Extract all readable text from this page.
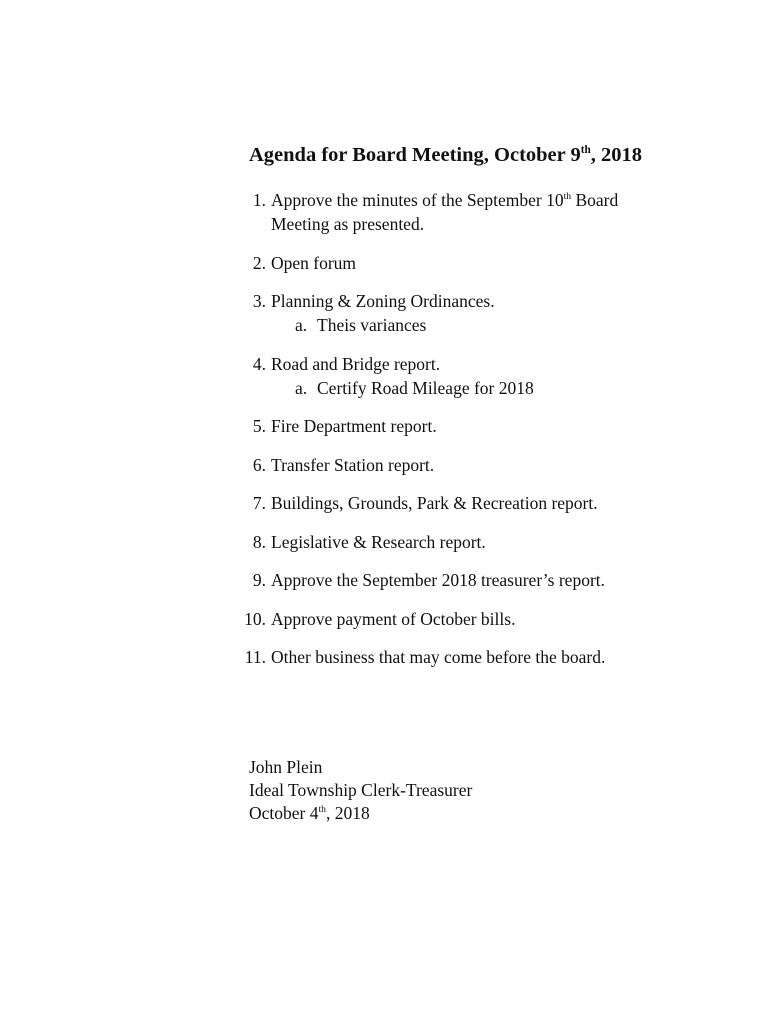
Agenda for Board Meeting, October 9th, 2018
1. Approve the minutes of the September 10th Board
Meeting as presented.
2. Open forum
3. Planning & Zoning Ordinances.
a. Theis variances
4. Road and Bridge report.
a. Certify Road Mileage for 2018
5. Fire Department report.
6. Transfer Station report.
7. Buildings, Grounds, Park & Recreation report.
8. Legislative & Research report.
9. Approve the September 2018 treasurer’s report.
10. Approve payment of October bills.
11. Other business that may come before the board.
John Plein
Ideal Township Clerk-Treasurer
October 4th, 2018
